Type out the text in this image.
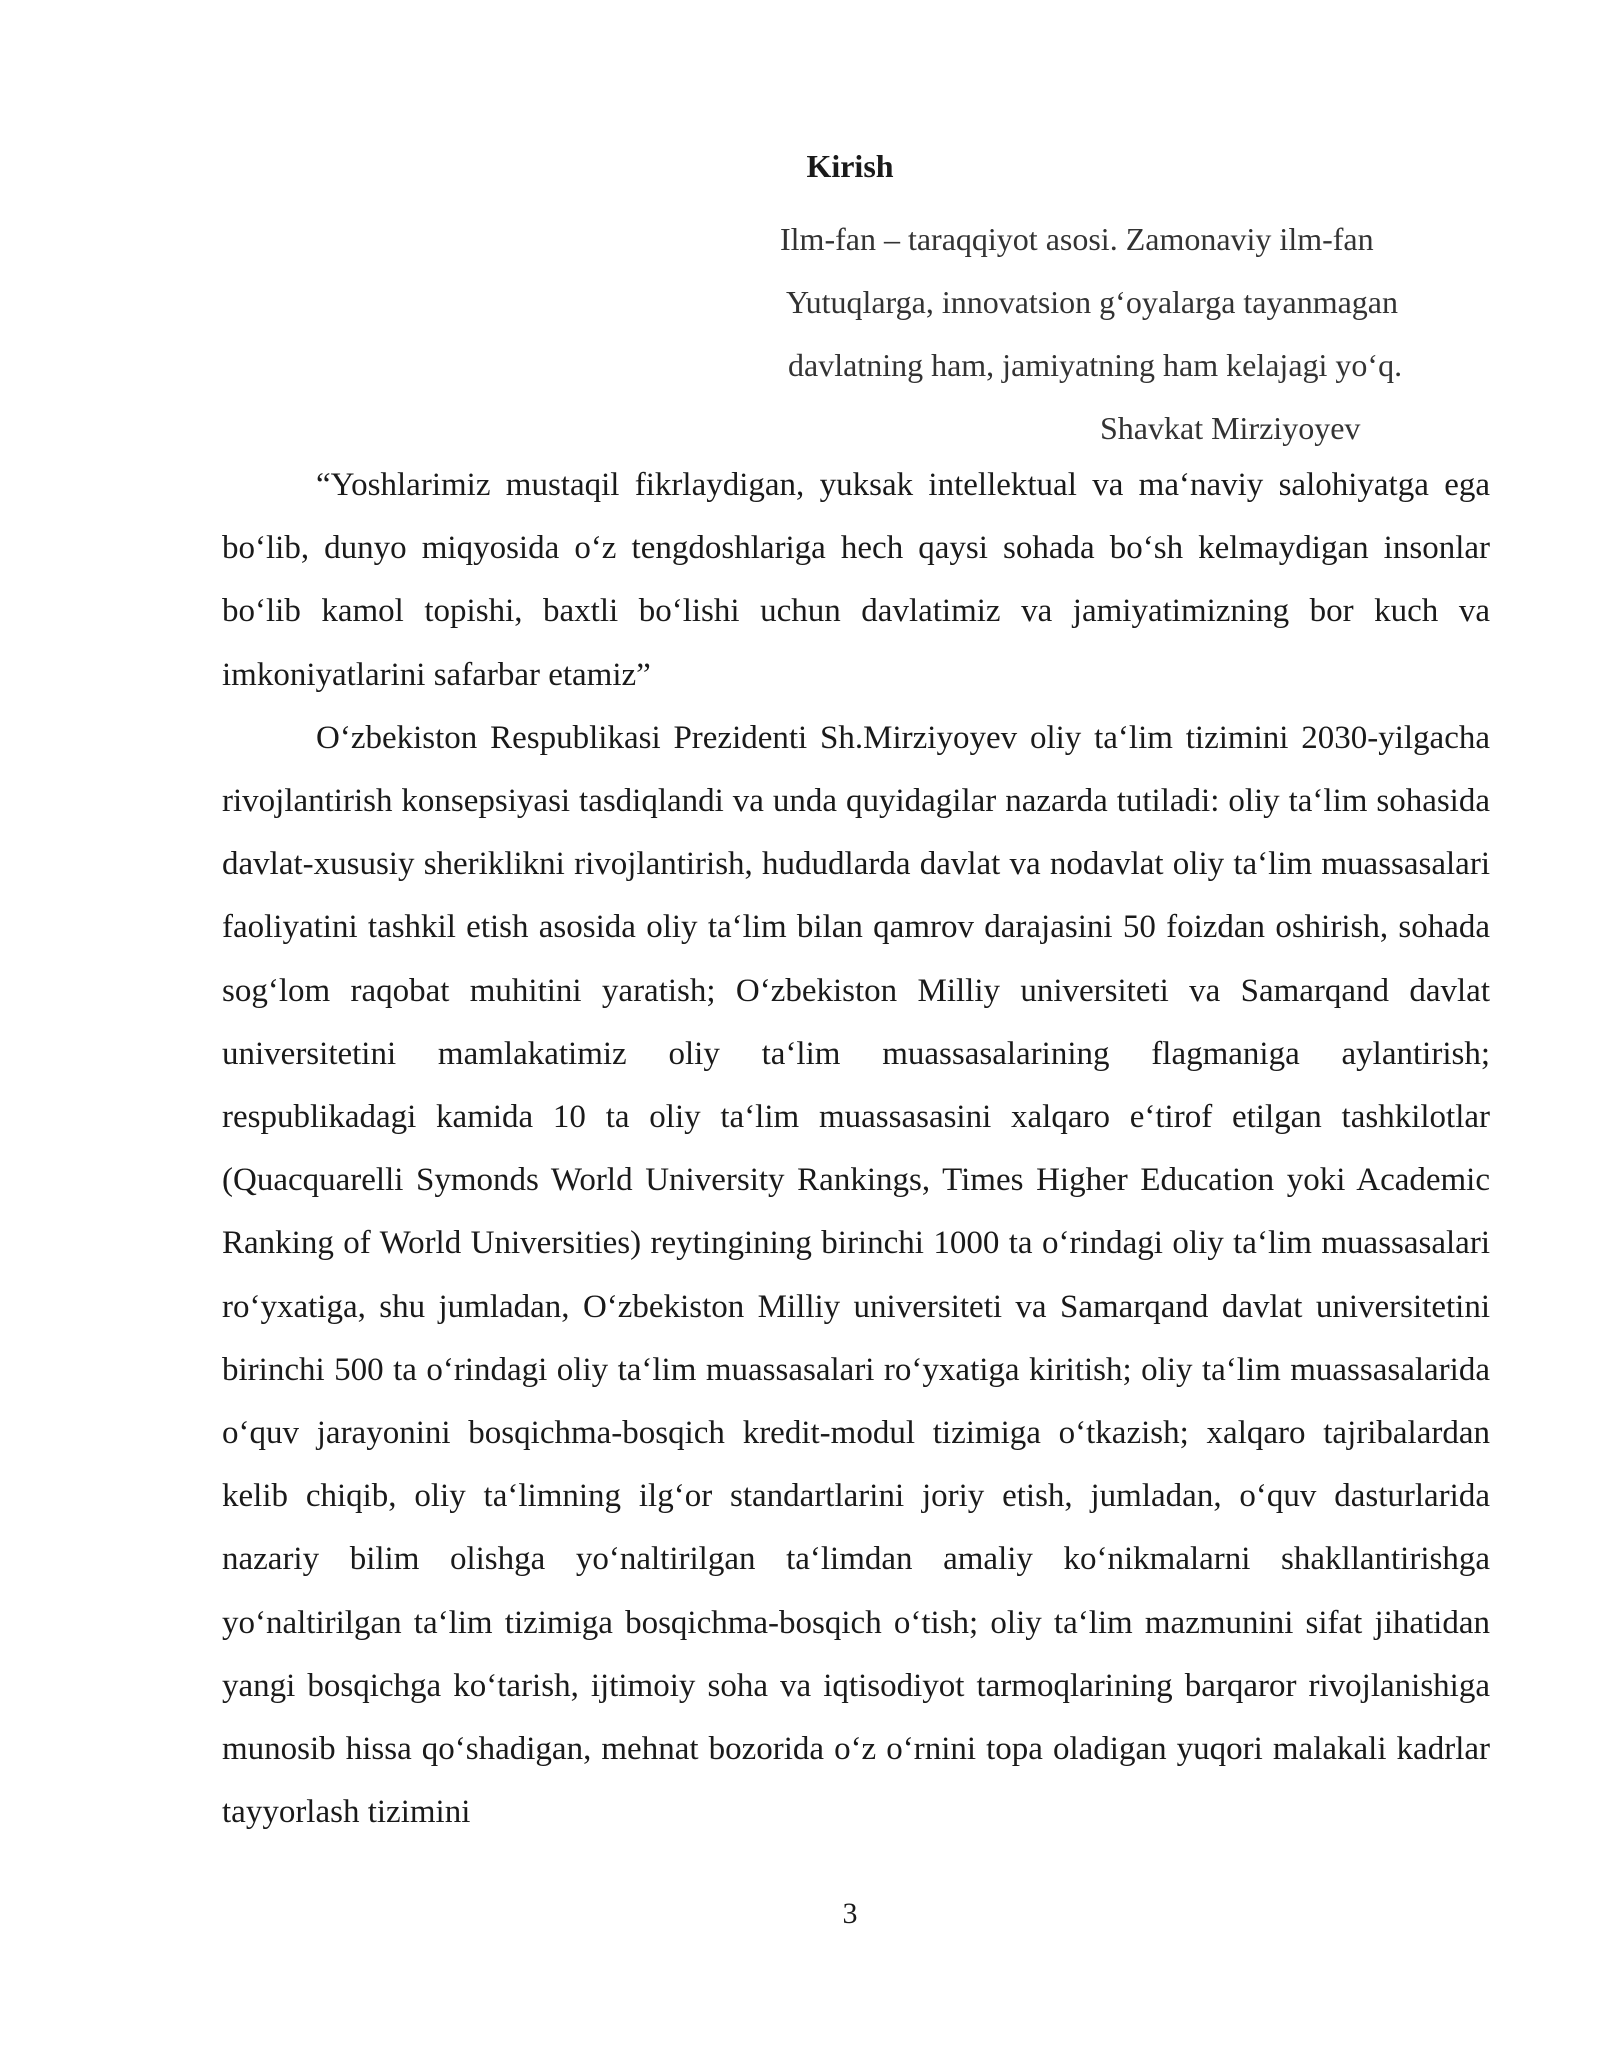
Kirish
Ilm-fan – taraqqiyot asosi. Zamonaviy ilm-fan
Yutuqlarga, innovatsion g‘oyalarga tayanmagan
davlatning ham, jamiyatning ham kelajagi yo‘q.
Shavkat Mirziyoyev

“Yoshlarimiz mustaqil fikrlaydigan, yuksak intellektual va ma‘naviy salohiyatga ega bo‘lib, dunyo miqyosida o‘z tengdoshlariga hech qaysi sohada bo‘sh kelmaydigan insonlar bo‘lib kamol topishi, baxtli bo‘lishi uchun davlatimiz va jamiyatimizning bor kuch va imkoniyatlarini safarbar etamiz”

O‘zbekiston Respublikasi Prezidenti Sh.Mirziyoyev oliy ta‘lim tizimini 2030-yilgacha rivojlantirish konsepsiyasi tasdiqlandi va unda quyidagilar nazarda tutiladi: oliy ta‘lim sohasida davlat-xususiy sheriklikni rivojlantirish, hududlarda davlat va nodavlat oliy ta‘lim muassasalari faoliyatini tashkil etish asosida oliy ta‘lim bilan qamrov darajasini 50 foizdan oshirish, sohada sog‘lom raqobat muhitini yaratish; O‘zbekiston Milliy universiteti va Samarqand davlat universitetini mamlakatimiz oliy ta‘lim muassasalarining flagmaniga aylantirish; respublikadagi kamida 10 ta oliy ta‘lim muassasasini xalqaro e‘tirof etilgan tashkilotlar (Quacquarelli Symonds World University Rankings, Times Higher Education yoki Academic Ranking of World Universities) reytingining birinchi 1000 ta o‘rindagi oliy ta‘lim muassasalari ro‘yxatiga, shu jumladan, O‘zbekiston Milliy universiteti va Samarqand davlat universitetini birinchi 500 ta o‘rindagi oliy ta‘lim muassasalari ro‘yxatiga kiritish; oliy ta‘lim muassasalarida o‘quv jarayonini bosqichma-bosqich kredit-modul tizimiga o‘tkazish; xalqaro tajribalardan kelib chiqib, oliy ta‘limning ilg‘or standartlarini joriy etish, jumladan, o‘quv dasturlarida nazariy bilim olishga yo‘naltirilgan ta‘limdan amaliy ko‘nikmalarni shakllantirishga yo‘naltirilgan ta‘lim tizimiga bosqichma-bosqich o‘tish; oliy ta‘lim mazmunini sifat jihatidan yangi bosqichga ko‘tarish, ijtimoiy soha va iqtisodiyot tarmoqlarining barqaror rivojlanishiga munosib hissa qo‘shadigan, mehnat bozorida o‘z o‘rnini topa oladigan yuqori malakali kadrlar tayyorlash tizimini

3
